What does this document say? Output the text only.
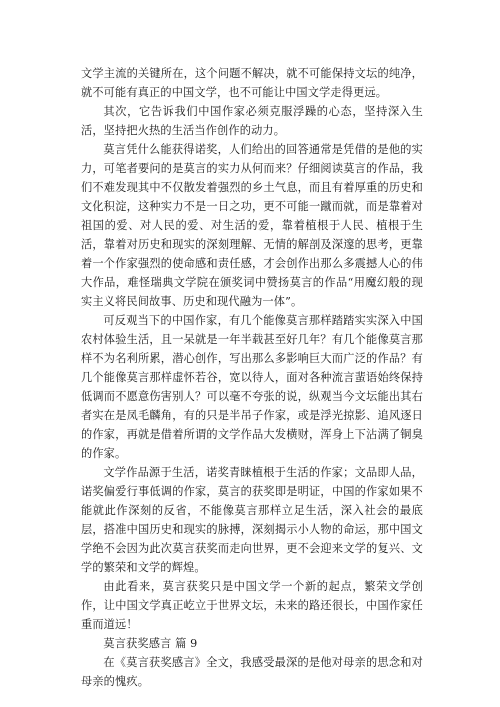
文学主流的关键所在，这个问题不解决，就不可能保持文坛的纯净，就不可能有真正的中国文学，也不可能让中国文学走得更远。

其次，它告诉我们中国作家必须克服浮躁的心态，坚持深入生活，坚持把火热的生活当作创作的动力。

莫言凭什么能获得诺奖，人们给出的回答通常是凭借的是他的实力，可笔者要问的是莫言的实力从何而来？仔细阅读莫言的作品，我们不难发现其中不仅散发着强烈的乡土气息，而且有着厚重的历史和文化积淀，这种实力不是一日之功，更不可能一蹴而就，而是靠着对祖国的爱、对人民的爱、对生活的爱，靠着植根于人民、植根于生活，靠着对历史和现实的深刻理解、无情的解剖及深邃的思考，更靠着一个作家强烈的使命感和责任感，才会创作出那么多震撼人心的伟大作品，难怪瑞典文学院在颁奖词中赞扬莫言的作品“用魔幻般的现实主义将民间故事、历史和现代融为一体”。

可反观当下的中国作家，有几个能像莫言那样踏踏实实深入中国农村体验生活，且一呆就是一年半载甚至好几年？有几个能像莫言那样不为名利所累，潜心创作，写出那么多影响巨大而广泛的作品？有几个能像莫言那样虚怀若谷，宽以待人，面对各种流言蜚语始终保持低调而不愿意伤害别人？可以毫不夸张的说，纵观当今文坛能出其右者实在是凤毛麟角，有的只是半吊子作家，或是浮光掠影、追风逐日的作家，再就是借着所谓的文学作品大发横财，浑身上下沾满了铜臭的作家。

文学作品源于生活，诺奖青睐植根于生活的作家；文品即人品，诺奖偏爱行事低调的作家，莫言的获奖即是明证，中国的作家如果不能就此作深刻的反省，不能像莫言那样立足生活，深入社会的最底层，搭准中国历史和现实的脉搏，深刻揭示小人物的命运，那中国文学绝不会因为此次莫言获奖而走向世界，更不会迎来文学的复兴、文学的繁荣和文学的辉煌。

由此看来，莫言获奖只是中国文学一个新的起点，繁荣文学创作，让中国文学真正屹立于世界文坛，未来的路还很长，中国作家任重而道远！

莫言获奖感言 篇 9

在《莫言获奖感言》全文，我感受最深的是他对母亲的思念和对母亲的愧疚。
